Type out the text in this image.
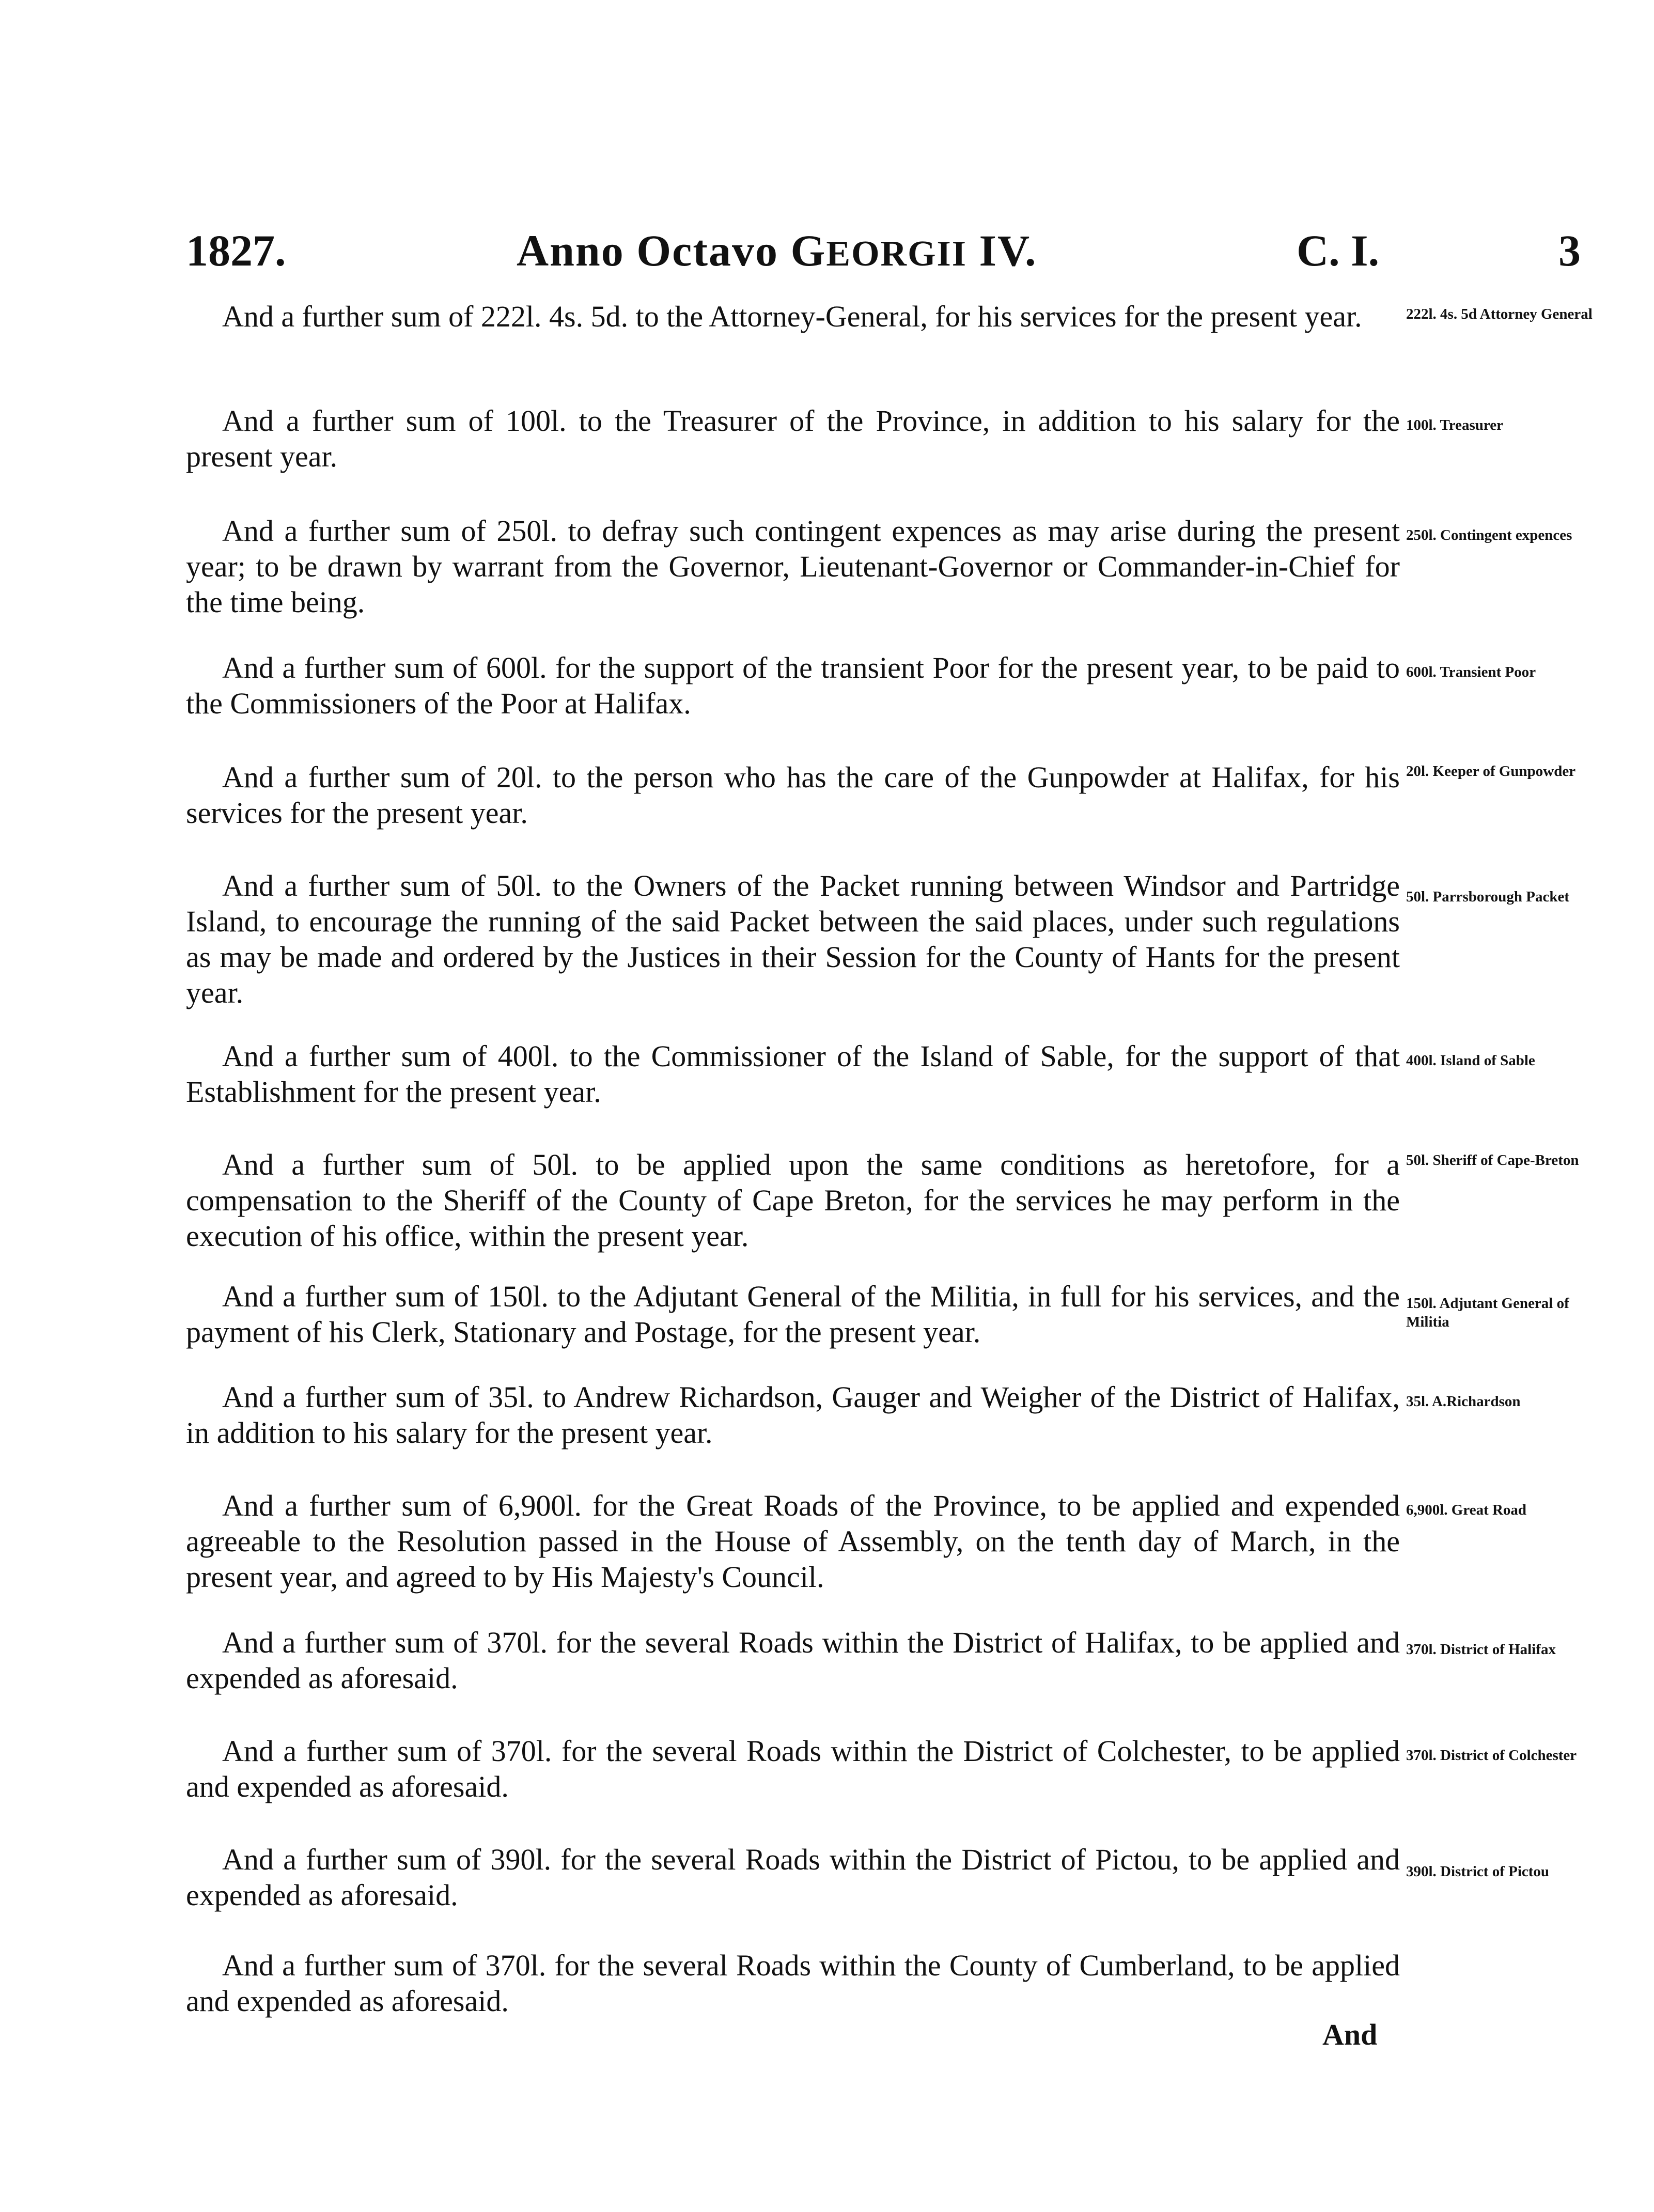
1827.	Anno Octavo GEORGII IV.	C. I.	3

And a further sum of 222l. 4s. 5d. to the Attorney-General, for his services for the present year.	222l. 4s. 5d Attorney General

And a further sum of 100l. to the Treasurer of the Province, in addition to his salary for the present year.

100l. Treasurer

And a further sum of 250l. to defray such contingent expences as may arise during the present year; to be drawn by warrant from the Governor, Lieutenant-Governor or Commander-in-Chief for the time being.

250l. Contingent expences

And a further sum of 600l. for the support of the transient Poor for the present year, to be paid to the Commissioners of the Poor at Halifax.

600l. Transient Poor

And a further sum of 20l. to the person who has the care of the Gunpowder at Halifax, for his services for the present year.

20l. Keeper of Gunpowder

And a further sum of 50l. to the Owners of the Packet running between Windsor and Partridge Island, to encourage the running of the said Packet between the said places, under such regulations as may be made and ordered by the Justices in their Session for the County of Hants for the present year.

50l. Parrsborough Packet

And a further sum of 400l. to the Commissioner of the Island of Sable, for the support of that Establishment for the present year.

400l. Island of Sable

And a further sum of 50l. to be applied upon the same conditions as heretofore, for a compensation to the Sheriff of the County of Cape Breton, for the services he may perform in the execution of his office, within the present year.

50l. Sheriff of Cape-Breton

And a further sum of 150l. to the Adjutant General of the Militia, in full for his services, and the payment of his Clerk, Stationary and Postage, for the present year.

150l. Adjutant General of Militia

And a further sum of 35l. to Andrew Richardson, Gauger and Weigher of the District of Halifax, in addition to his salary for the present year.

35l. A.Richardson

And a further sum of 6,900l. for the Great Roads of the Province, to be applied and expended agreeable to the Resolution passed in the House of Assembly, on the tenth day of March, in the present year, and agreed to by His Majesty's Council.

6,900l. Great Road

And a further sum of 370l. for the several Roads within the District of Halifax, to be applied and expended as aforesaid.

370l. District of Halifax

And a further sum of 370l. for the several Roads within the District of Colchester, to be applied and expended as aforesaid.

370l. District of Colchester

And a further sum of 390l. for the several Roads within the District of Pictou, to be applied and expended as aforesaid.

390l. District of Pictou

And a further sum of 370l. for the several Roads within the County of Cumberland, to be applied and expended as aforesaid.

And
